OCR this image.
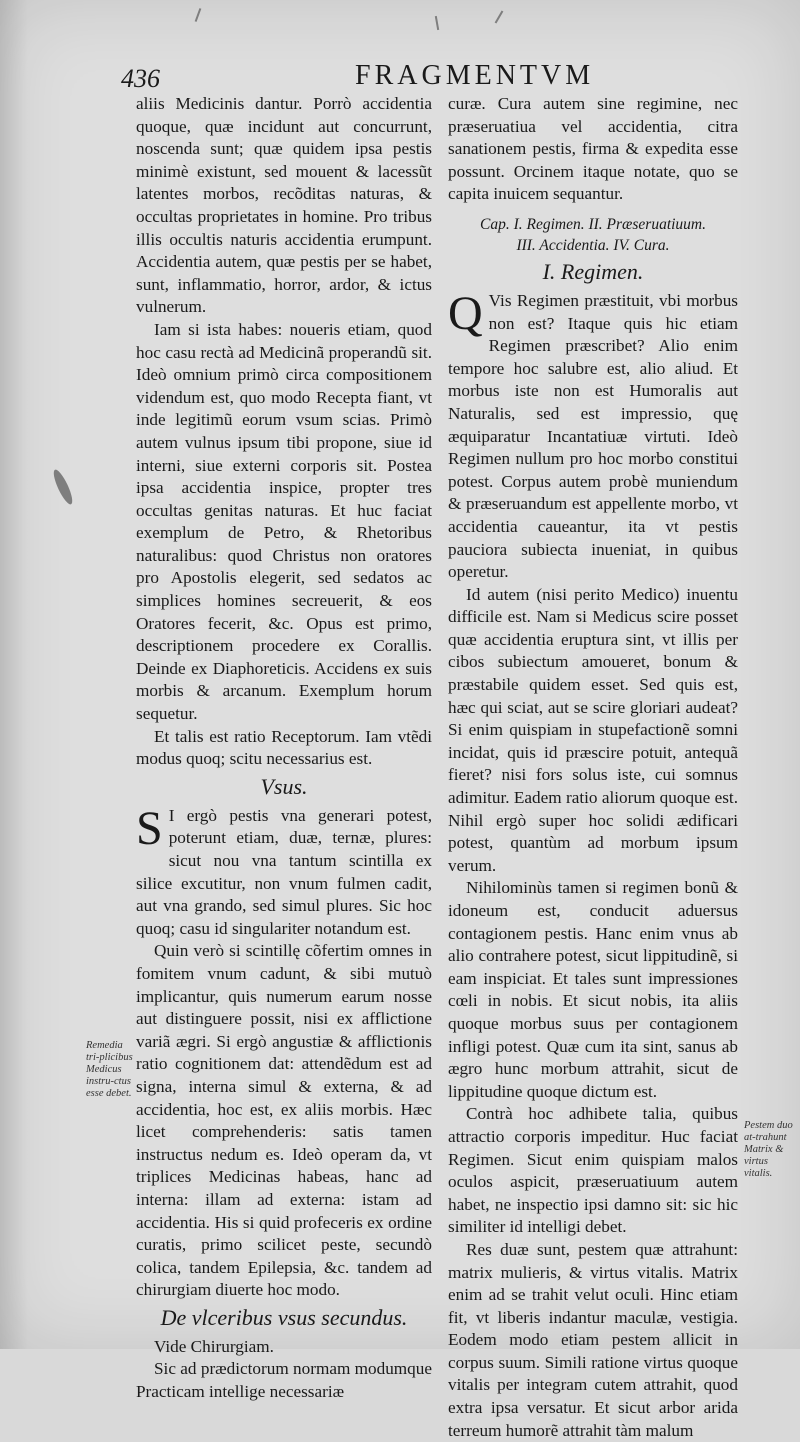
436	FRAGMENTVM

aliis Medicinis dantur. Porrò accidentia quoque, quæ incidunt aut concurrunt, noscenda sunt; quæ quidem ipsa pestis minimè existunt, sed mouent & lacessũt latentes morbos, recõditas naturas, & occultas proprietates in homine. Pro tribus illis occultis naturis accidentia erumpunt. Accidentia autem, quæ pestis per se habet, sunt, inflammatio, horror, ardor, & ictus vulnerum.

Iam si ista habes: noueris etiam, quod hoc casu rectà ad Medicinã properandũ sit. Ideò omnium primò circa compositionem videndum est, quo modo Recepta fiant, vt inde legitimũ eorum vsum scias. Primò autem vulnus ipsum tibi propone, siue id interni, siue externi corporis sit. Postea ipsa accidentia inspice, propter tres occultas genitas naturas. Et huc faciat exemplum de Petro, & Rhetoribus naturalibus: quod Christus non oratores pro Apostolis elegerit, sed sedatos ac simplices homines secreuerit, & eos Oratores fecerit, &c. Opus est primo, descriptionem procedere ex Corallis. Deinde ex Diaphoreticis. Accidens ex suis morbis & arcanum. Exemplum horum sequetur.

Et talis est ratio Receptorum. Iam vtẽdi modus quoq; scitu necessarius est.

Vsus.

S I ergò pestis vna generari potest, poterunt etiam, duæ, ternæ, plures: sicut nou vna tantum scintilla ex silice excutitur, non vnum fulmen cadit, aut vna grando, sed simul plures. Sic hoc quoq; casu id singulariter notandum est.

Quin verò si scintillę cõfertim omnes in fomitem vnum cadunt, & sibi mutuò implicantur, quis numerum earum nosse aut distinguere possit, nisi ex afflictione variã ægri. Si ergò angustiæ & afflictionis ratio cognitionem dat: attendẽdum est ad signa, interna simul & externa, & ad accidentia, hoc est, ex aliis morbis. Hæc licet comprehenderis: satis tamen instructus nedum es. Ideò operam da, vt triplices Medicinas habeas, hanc ad interna: illam ad externa: istam ad accidentia. His si quid profeceris ex ordine curatis, primo scilicet peste, secundò colica, tandem Epilepsia, &c. tandem ad chirurgiam diuerte hoc modo.

De vlceribus vsus secundus.

Vide Chirurgiam.

Sic ad prædictorum normam modumque Practicam intellige necessariæ

curæ. Cura autem sine regimine, nec præseruatiua vel accidentia, citra sanationem pestis, firma & expedita esse possunt. Orcinem itaque notate, quo se capita inuicem sequantur.

Cap. I. Regimen. II. Præseruatiuum.
III. Accidentia. IV. Cura.
I. Regimen.

Q Vis Regimen præstituit, vbi morbus non est? Itaque quis hic etiam Regimen præscribet? Alio enim tempore hoc salubre est, alio aliud. Et morbus iste non est Humoralis aut Naturalis, sed est impressio, quę æquiparatur Incantatiuæ virtuti. Ideò Regimen nullum pro hoc morbo constitui potest. Corpus autem probè muniendum & præseruandum est appellente morbo, vt accidentia caueantur, ita vt pestis pauciora subiecta inueniat, in quibus operetur.

Id autem (nisi perito Medico) inuentu difficile est. Nam si Medicus scire posset quæ accidentia eruptura sint, vt illis per cibos subiectum amoueret, bonum & præstabile quidem esset. Sed quis est, hæc qui sciat, aut se scire gloriari audeat? Si enim quispiam in stupefactionẽ somni incidat, quis id præscire potuit, antequã fieret? nisi fors solus iste, cui somnus adimitur. Eadem ratio aliorum quoque est. Nihil ergò super hoc solidi ædificari potest, quantùm ad morbum ipsum verum.

Nihilominùs tamen si regimen bonũ & idoneum est, conducit aduersus contagionem pestis. Hanc enim vnus ab alio contrahere potest, sicut lippitudinẽ, si eam inspiciat. Et tales sunt impressiones cœli in nobis. Et sicut nobis, ita aliis quoque morbus suus per contagionem infligi potest. Quæ cum ita sint, sanus ab ægro hunc morbum attrahit, sicut de lippitudine quoque dictum est.

Contrà hoc adhibete talia, quibus attractio corporis impeditur. Huc faciat Regimen. Sicut enim quispiam malos oculos aspicit, præseruatiuum autem habet, ne inspectio ipsi damno sit: sic hic similiter id intelligi debet.

Res duæ sunt, pestem quæ attrahunt: matrix mulieris, & virtus vitalis. Matrix enim ad se trahit velut oculi. Hinc etiam fit, vt liberis indantur maculæ, vestigia. Eodem modo etiam pestem allicit in corpus suum. Simili ratione virtus quoque vitalis per integram cutem attrahit, quod extra ipsa versatur. Et sicut arbor arida terreum humorẽ attrahit tàm malum

Remedia tri-plicibus Medicus instru-ctus esse debet.
Pestem duo at-trahunt Matrix & virtus vitalis.
